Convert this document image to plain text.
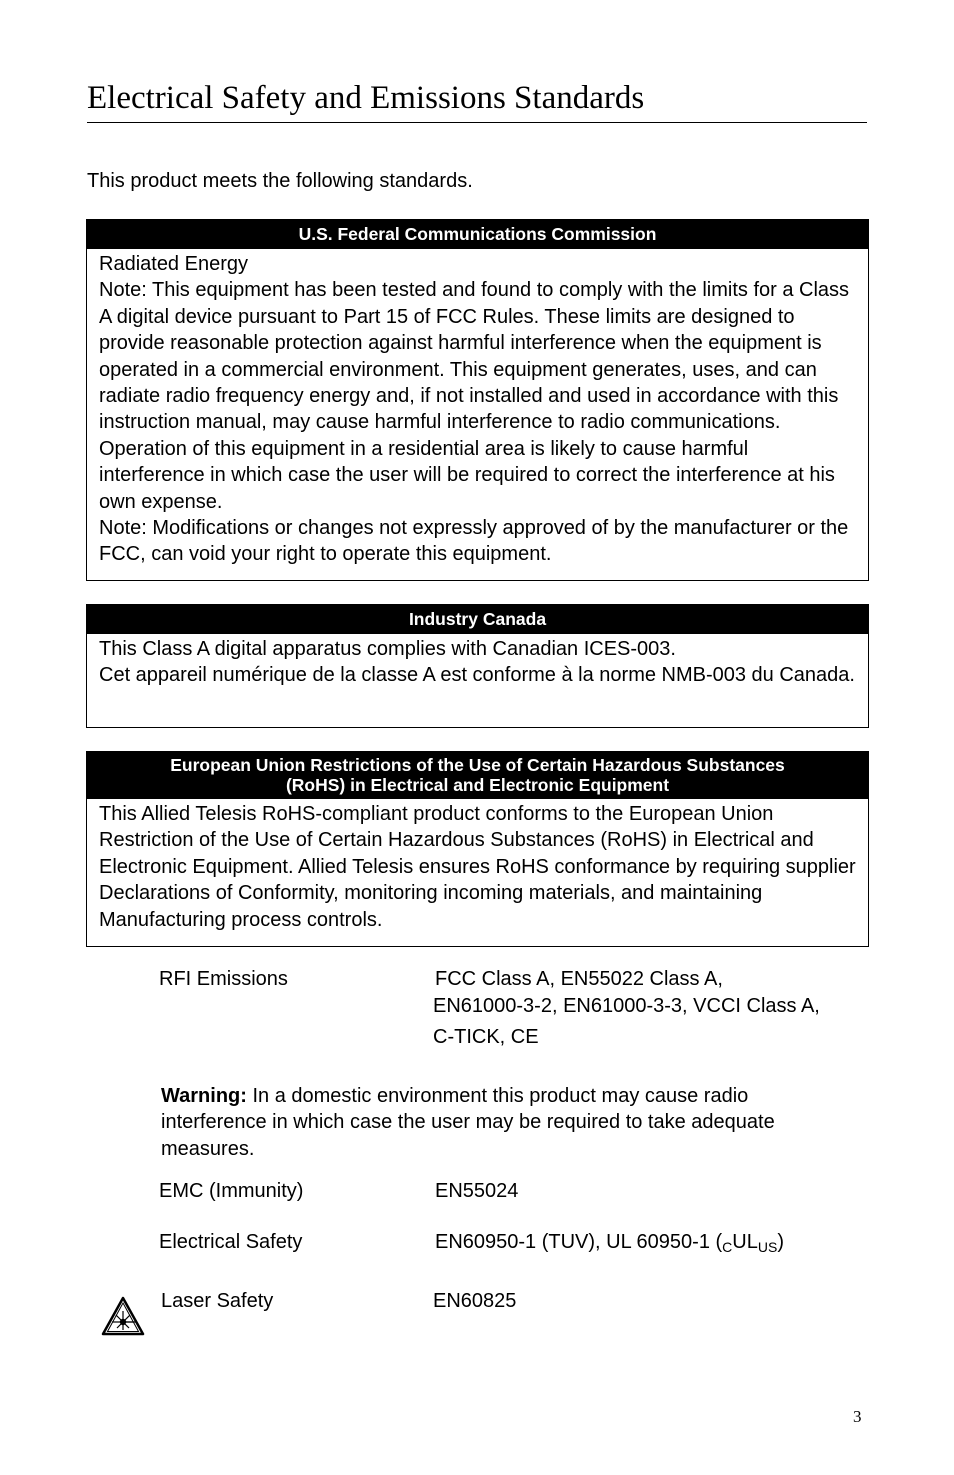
Electrical Safety and Emissions Standards
This product meets the following standards.
U.S. Federal Communications Commission

Radiated Energy

Note: This equipment has been tested and found to comply with the limits for a Class A digital device pursuant to Part 15 of FCC Rules. These limits are designed to provide reasonable protection against harmful interference when the equipment is operated in a commercial environment. This equipment generates, uses, and can radiate radio frequency energy and, if not installed and used in accordance with this instruction manual, may cause harmful interference to radio communications. Operation of this equipment in a residential area is likely to cause harmful interference in which case the user will be required to correct the interference at his own expense.

Note: Modifications or changes not expressly approved of by the manufacturer or the FCC, can void your right to operate this equipment.

Industry Canada

This Class A digital apparatus complies with Canadian ICES-003.

Cet appareil numérique de la classe A est conforme à la norme NMB-003 du Canada.

European Union Restrictions of the Use of Certain Hazardous Substances
(RoHS) in Electrical and Electronic Equipment

This Allied Telesis RoHS-compliant product conforms to the European Union Restriction of the Use of Certain Hazardous Substances (RoHS) in Electrical and Electronic Equipment. Allied Telesis ensures RoHS conformance by requiring supplier Declarations of Conformity, monitoring incoming materials, and maintaining Manufacturing process controls.

RFI Emissions	FCC Class A, EN55022 Class A,
EN61000-3-2, EN61000-3-3, VCCI Class A,
C-TICK, CE
Warning: In a domestic environment this product may cause radio interference in which case the user may be required to take adequate measures.
EMC (Immunity)	EN55024
Electrical Safety	EN60950-1 (TUV), UL 60950-1 $(_CUL_{US})$
Laser Safety	EN60825
3
